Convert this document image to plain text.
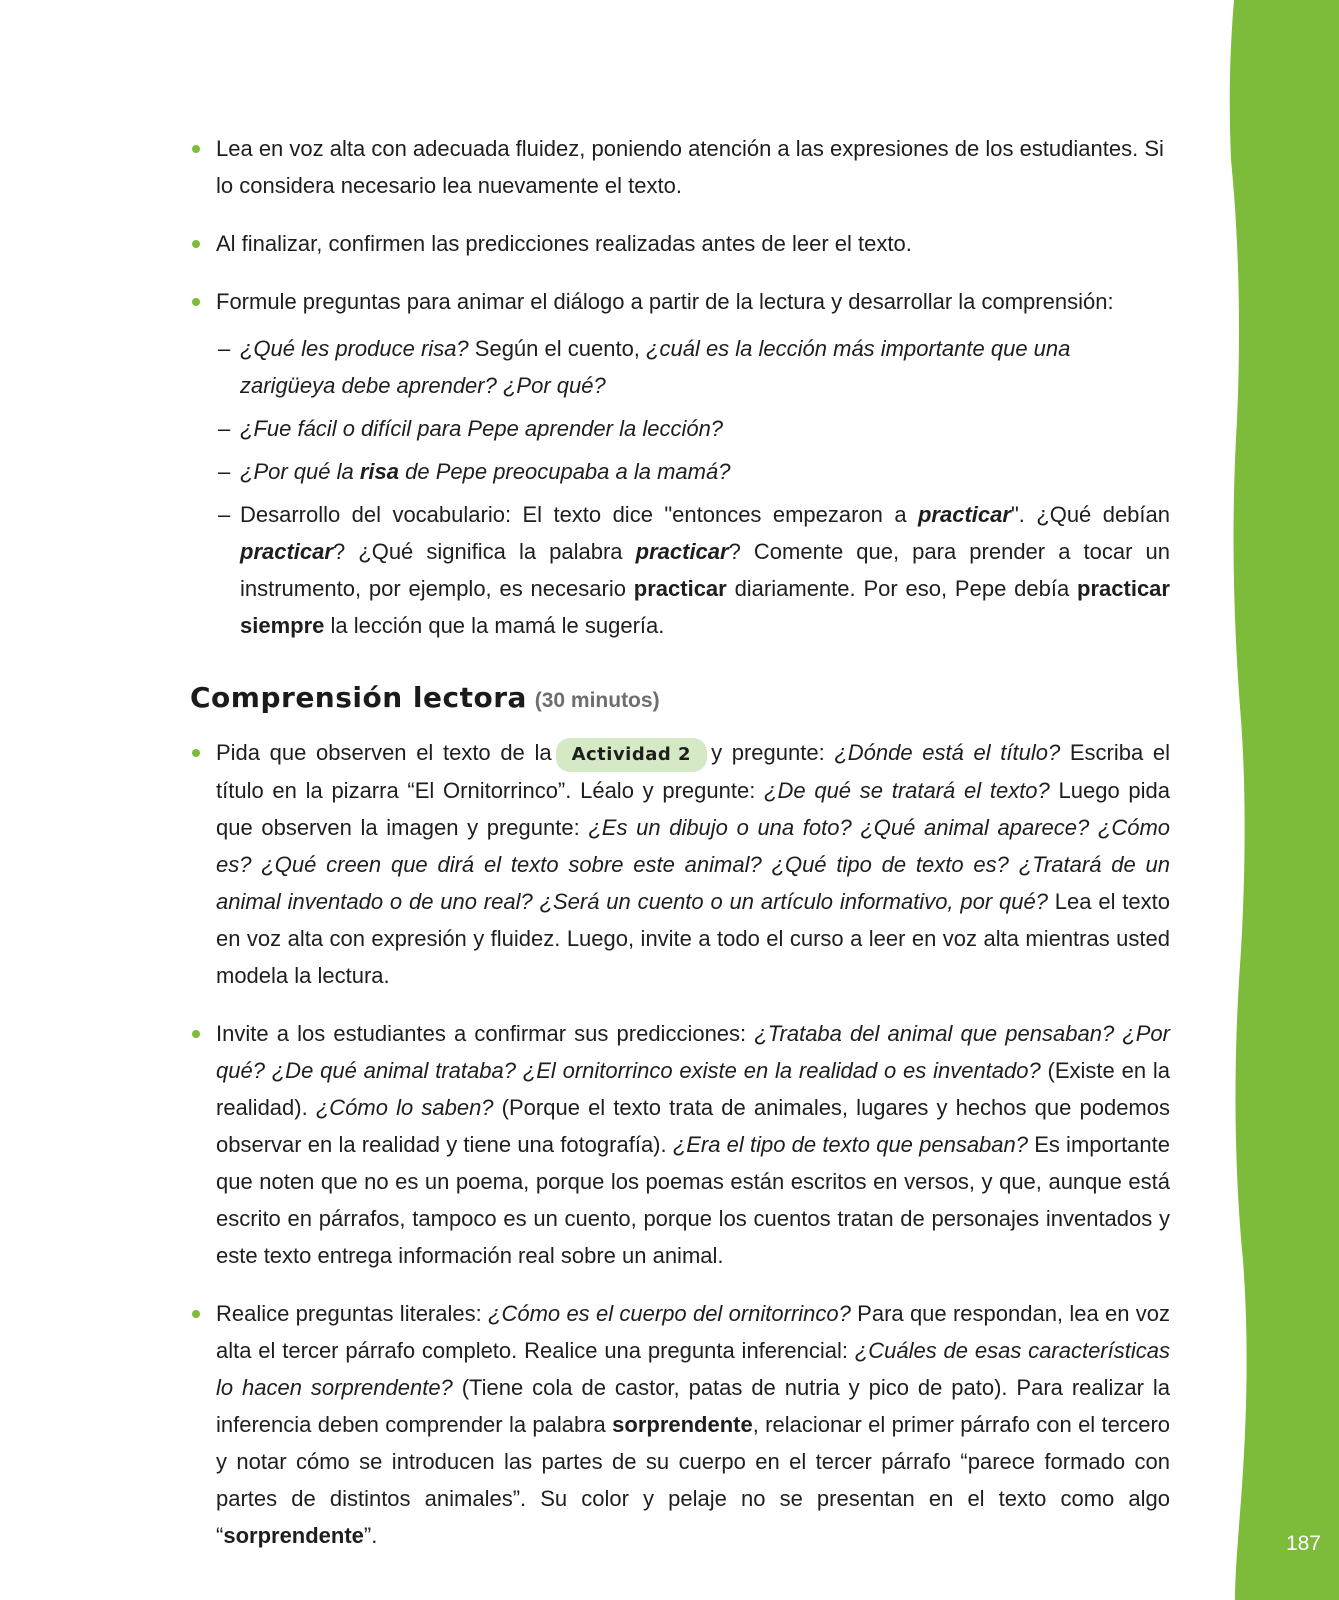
187
Lea en voz alta con adecuada fluidez, poniendo atención a las expresiones de los estudiantes. Si lo considera necesario lea nuevamente el texto.
Al finalizar, confirmen las predicciones realizadas antes de leer el texto.
Formule preguntas para animar el diálogo a partir de la lectura y desarrollar la comprensión:
– ¿Qué les produce risa? Según el cuento, ¿cuál es la lección más importante que una zarigüeya debe aprender? ¿Por qué?
– ¿Fue fácil o difícil para Pepe aprender la lección?
– ¿Por qué la risa de Pepe preocupaba a la mamá?
– Desarrollo del vocabulario: El texto dice "entonces empezaron a practicar". ¿Qué debían practicar? ¿Qué significa la palabra practicar? Comente que, para prender a tocar un instrumento, por ejemplo, es necesario practicar diariamente. Por eso, Pepe debía practicar siempre la lección que la mamá le sugería.
Comprensión lectora (30 minutos)
Pida que observen el texto de la Actividad 2 y pregunte: ¿Dónde está el título? Escriba el título en la pizarra “El Ornitorrinco”. Léalo y pregunte: ¿De qué se tratará el texto? Luego pida que observen la imagen y pregunte: ¿Es un dibujo o una foto? ¿Qué animal aparece? ¿Cómo es? ¿Qué creen que dirá el texto sobre este animal? ¿Qué tipo de texto es? ¿Tratará de un animal inventado o de uno real? ¿Será un cuento o un artículo informativo, por qué? Lea el texto en voz alta con expresión y fluidez. Luego, invite a todo el curso a leer en voz alta mientras usted modela la lectura.
Invite a los estudiantes a confirmar sus predicciones: ¿Trataba del animal que pensaban? ¿Por qué? ¿De qué animal trataba? ¿El ornitorrinco existe en la realidad o es inventado? (Existe en la realidad). ¿Cómo lo saben? (Porque el texto trata de animales, lugares y hechos que podemos observar en la realidad y tiene una fotografía). ¿Era el tipo de texto que pensaban? Es importante que noten que no es un poema, porque los poemas están escritos en versos, y que, aunque está escrito en párrafos, tampoco es un cuento, porque los cuentos tratan de personajes inventados y este texto entrega información real sobre un animal.
Realice preguntas literales: ¿Cómo es el cuerpo del ornitorrinco? Para que respondan, lea en voz alta el tercer párrafo completo. Realice una pregunta inferencial: ¿Cuáles de esas características lo hacen sorprendente? (Tiene cola de castor, patas de nutria y pico de pato). Para realizar la inferencia deben comprender la palabra sorprendente, relacionar el primer párrafo con el tercero y notar cómo se introducen las partes de su cuerpo en el tercer párrafo “parece formado con partes de distintos animales”. Su color y pelaje no se presentan en el texto como algo “sorprendente”.
